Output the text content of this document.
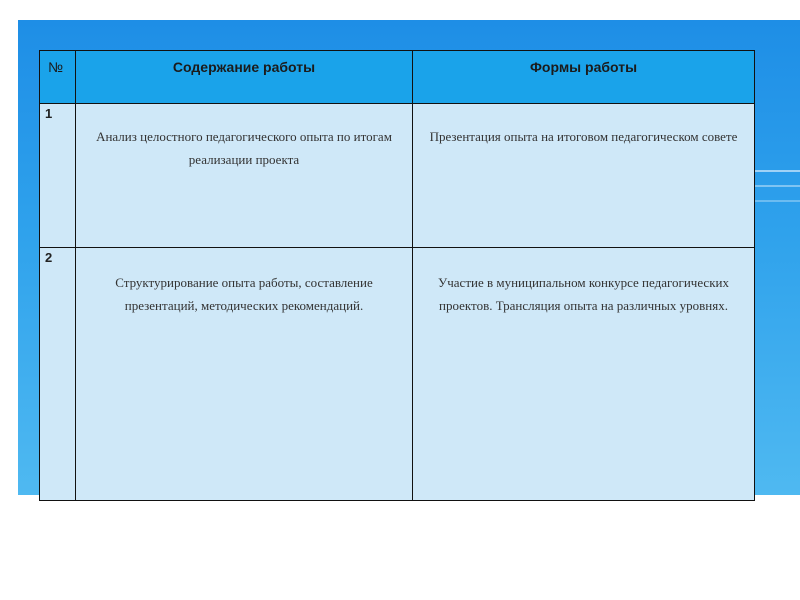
№	Содержание работы	Формы работы
1	Анализ целостного педагогического опыта по итогам реализации проекта	Презентация опыта на итоговом педагогическом совете

2	Структурирование опыта работы, составление презентаций, методических рекомендаций.	Участие в муниципальном конкурсе педагогических проектов. Трансляция опыта на различных уровнях.
